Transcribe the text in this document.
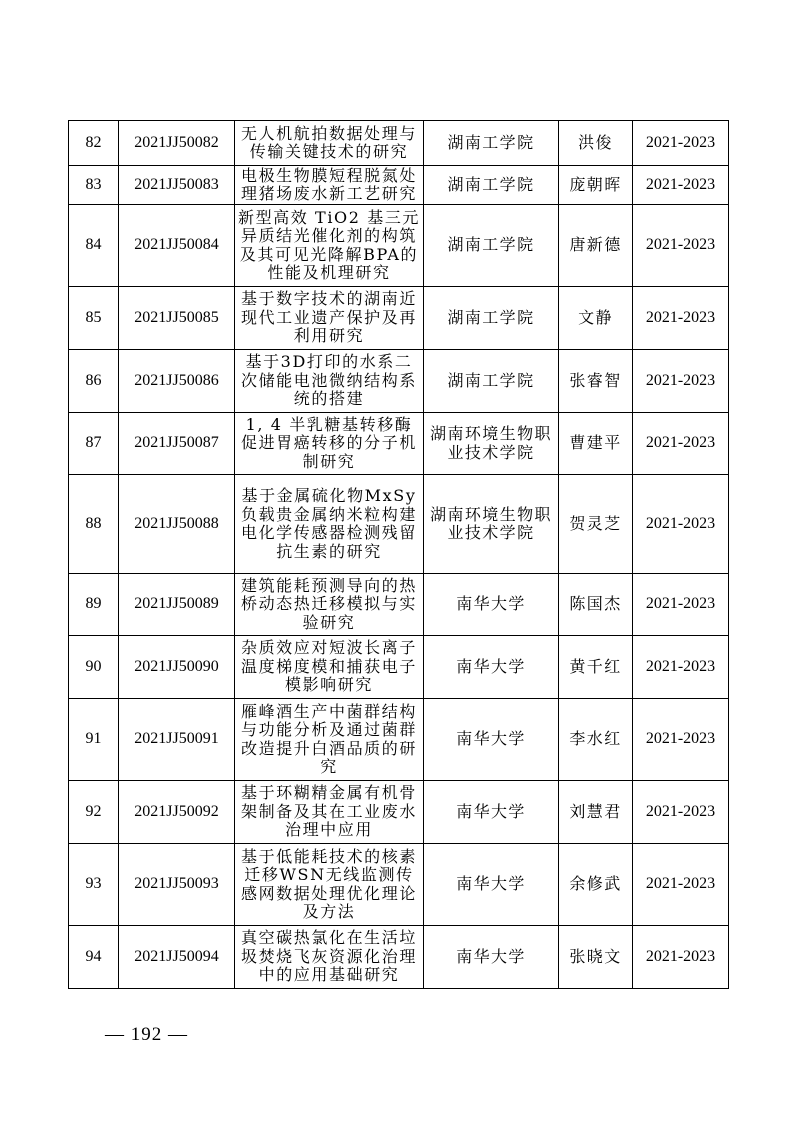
82	2021JJ50082	无人机航拍数据处理与传输关键技术的研究	湖南工学院	洪俊	2021-2023
83	2021JJ50083	电极生物膜短程脱氮处理猪场废水新工艺研究	湖南工学院	庞朝晖	2021-2023
84	2021JJ50084	新型高效 TiO2 基三元异质结光催化剂的构筑及其可见光降解BPA的性能及机理研究	湖南工学院	唐新德	2021-2023
85	2021JJ50085	基于数字技术的湖南近现代工业遗产保护及再利用研究	湖南工学院	文静	2021-2023
86	2021JJ50086	基于3D打印的水系二次储能电池微纳结构系统的搭建	湖南工学院	张睿智	2021-2023
87	2021JJ50087	1, 4 半乳糖基转移酶促进胃癌转移的分子机制研究	湖南环境生物职业技术学院	曹建平	2021-2023
88	2021JJ50088	基于金属硫化物MxSy负载贵金属纳米粒构建电化学传感器检测残留抗生素的研究	湖南环境生物职业技术学院	贺灵芝	2021-2023
89	2021JJ50089	建筑能耗预测导向的热桥动态热迁移模拟与实验研究	南华大学	陈国杰	2021-2023
90	2021JJ50090	杂质效应对短波长离子温度梯度模和捕获电子模影响研究	南华大学	黄千红	2021-2023
91	2021JJ50091	雁峰酒生产中菌群结构与功能分析及通过菌群改造提升白酒品质的研究	南华大学	李水红	2021-2023
92	2021JJ50092	基于环糊精金属有机骨架制备及其在工业废水治理中应用	南华大学	刘慧君	2021-2023
93	2021JJ50093	基于低能耗技术的核素迁移WSN无线监测传感网数据处理优化理论及方法	南华大学	余修武	2021-2023
94	2021JJ50094	真空碳热氯化在生活垃圾焚烧飞灰资源化治理中的应用基础研究	南华大学	张晓文	2021-2023
— 192 —
